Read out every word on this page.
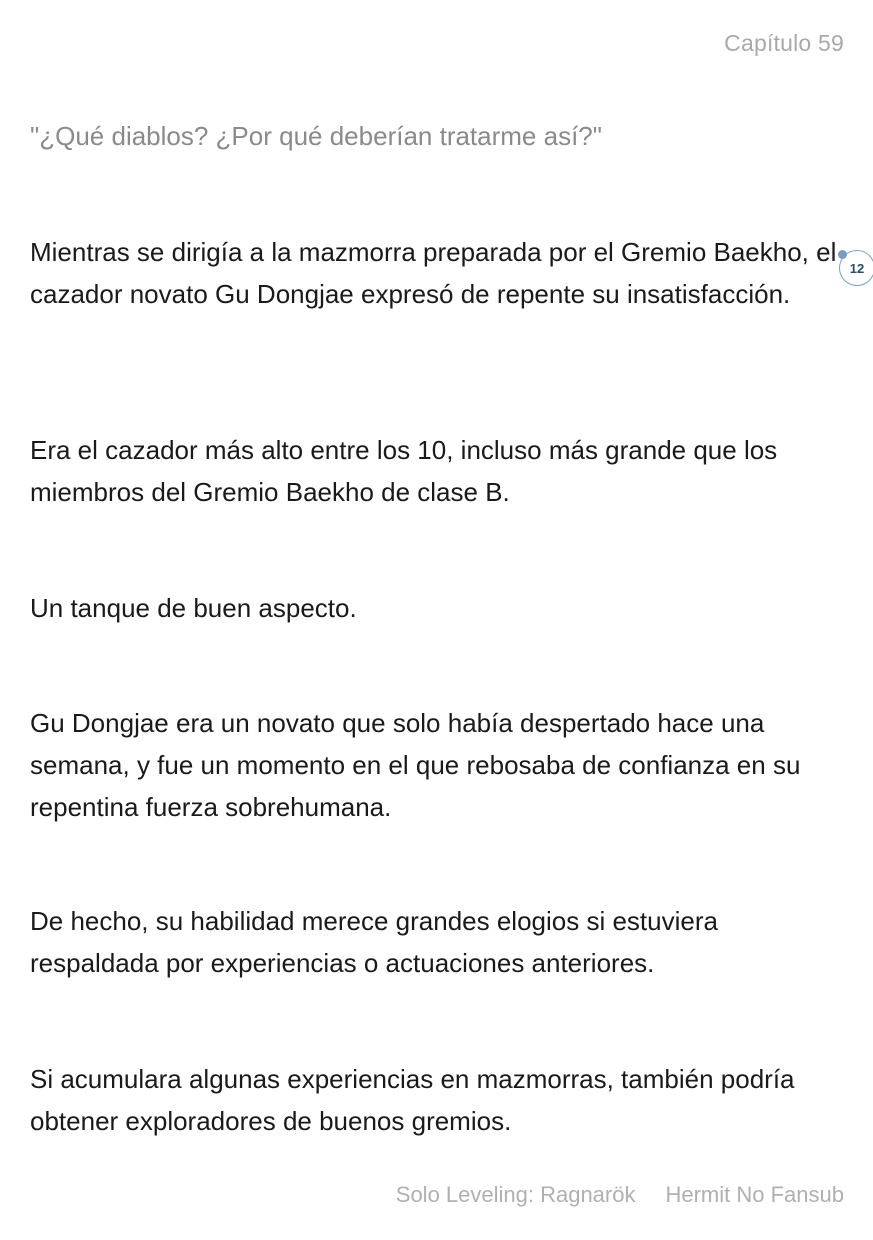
Capítulo 59

"¿Qué diablos? ¿Por qué deberían tratarme así?"

Mientras se dirigía a la mazmorra preparada por el Gremio Baekho, el cazador novato Gu Dongjae expresó de repente su insatisfacción.

Era el cazador más alto entre los 10, incluso más grande que los miembros del Gremio Baekho de clase B.

Un tanque de buen aspecto.

Gu Dongjae era un novato que solo había despertado hace una semana, y fue un momento en el que rebosaba de confianza en su repentina fuerza sobrehumana.

De hecho, su habilidad merece grandes elogios si estuviera respaldada por experiencias o actuaciones anteriores.

Si acumulara algunas experiencias en mazmorras, también podría obtener exploradores de buenos gremios.

12
Solo Leveling: Ragnarök Hermit No Fansub
